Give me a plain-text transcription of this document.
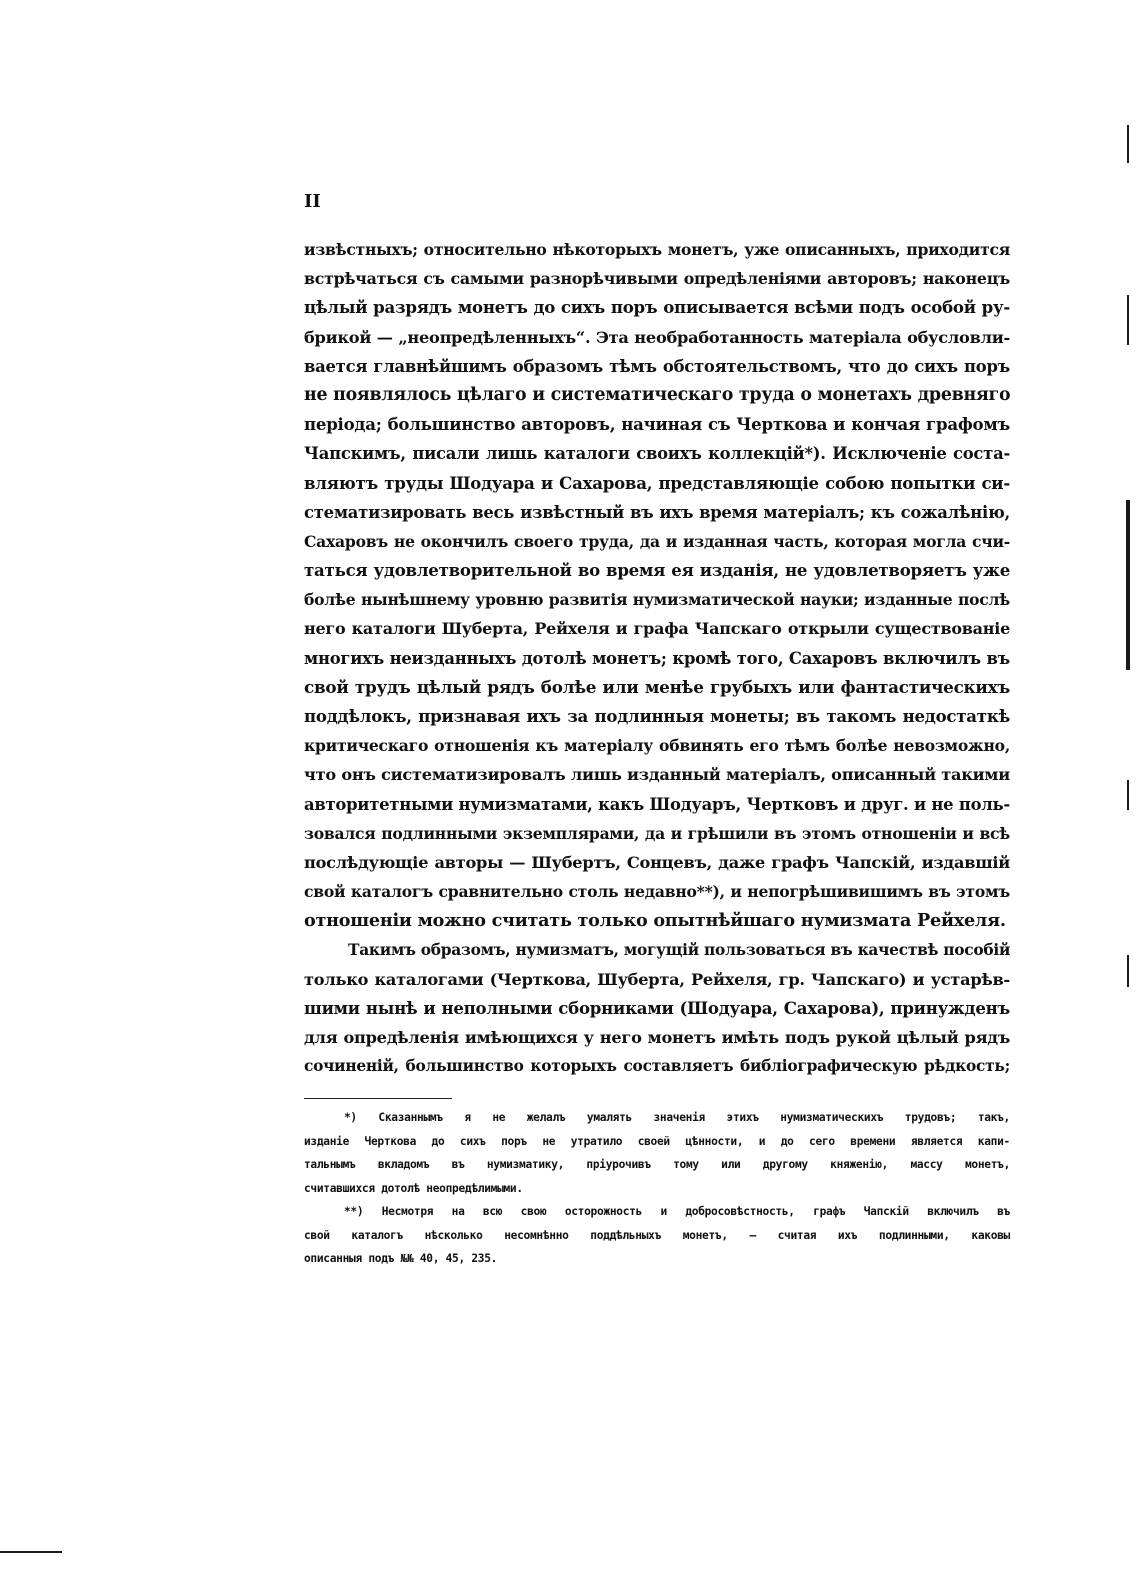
II
извѣстныхъ; относительно нѣкоторыхъ монетъ, уже описанныхъ, приходится
встрѣчаться съ самыми разнорѣчивыми опредѣленіями авторовъ; наконецъ
цѣлый разрядъ монетъ до сихъ поръ описывается всѣми подъ особой ру-
брикой — „неопредѣленныхъ“. Эта необработанность матеріала обусловли-
вается главнѣйшимъ образомъ тѣмъ обстоятельствомъ, что до сихъ поръ
не появлялось цѣлаго и систематическаго труда о монетахъ древняго
періода; большинство авторовъ, начиная съ Черткова и кончая графомъ
Чапскимъ, писали лишь каталоги своихъ коллекцій*). Исключеніе соста-
вляютъ труды Шодуара и Сахарова, представляющіе собою попытки си-
стематизировать весь извѣстный въ ихъ время матеріалъ; къ сожалѣнію,
Сахаровъ не окончилъ своего труда, да и изданная часть, которая могла счи-
таться удовлетворительной во время ея изданія, не удовлетворяетъ уже
болѣе нынѣшнему уровню развитія нумизматической науки; изданные послѣ
него каталоги Шуберта, Рейхеля и графа Чапскаго открыли существованіе
многихъ неизданныхъ дотолѣ монетъ; кромѣ того, Сахаровъ включилъ въ
свой трудъ цѣлый рядъ болѣе или менѣе грубыхъ или фантастическихъ
поддѣлокъ, признавая ихъ за подлинныя монеты; въ такомъ недостаткѣ
критическаго отношенія къ матеріалу обвинять его тѣмъ болѣе невозможно,
что онъ систематизировалъ лишь изданный матеріалъ, описанный такими
авторитетными нумизматами, какъ Шодуаръ, Чертковъ и друг. и не поль-
зовался подлинными экземплярами, да и грѣшили въ этомъ отношеніи и всѣ
послѣдующіе авторы — Шубертъ, Сонцевъ, даже графъ Чапскій, издавшій
свой каталогъ сравнительно столь недавно**), и непогрѣшивишимъ въ этомъ
отношеніи можно считать только опытнѣйшаго нумизмата Рейхеля.
Такимъ образомъ, нумизматъ, могущій пользоваться въ качествѣ пособій
только каталогами (Черткова, Шуберта, Рейхеля, гр. Чапскаго) и устарѣв-
шими нынѣ и неполными сборниками (Шодуара, Сахарова), принужденъ
для опредѣленія имѣющихся у него монетъ имѣть подъ рукой цѣлый рядъ
сочиненій, большинство которыхъ составляетъ библіографическую рѣдкость;
*) Сказаннымъ я не желалъ умалять значенія этихъ нумизматическихъ трудовъ; такъ,
изданіе Черткова до сихъ поръ не утратило своей цѣнности, и до сего времени является капи-
тальнымъ вкладомъ въ нумизматику, пріурочивъ тому или другому княженію, массу монетъ,
считавшихся дотолѣ неопредѣлимыми.
**) Несмотря на всю свою осторожность и добросовѣстность, графъ Чапскій включилъ въ
свой каталогъ нѣсколько несомнѣнно поддѣльныхъ монетъ, — считая ихъ подлинными, каковы
описанныя подъ №№ 40, 45, 235.
